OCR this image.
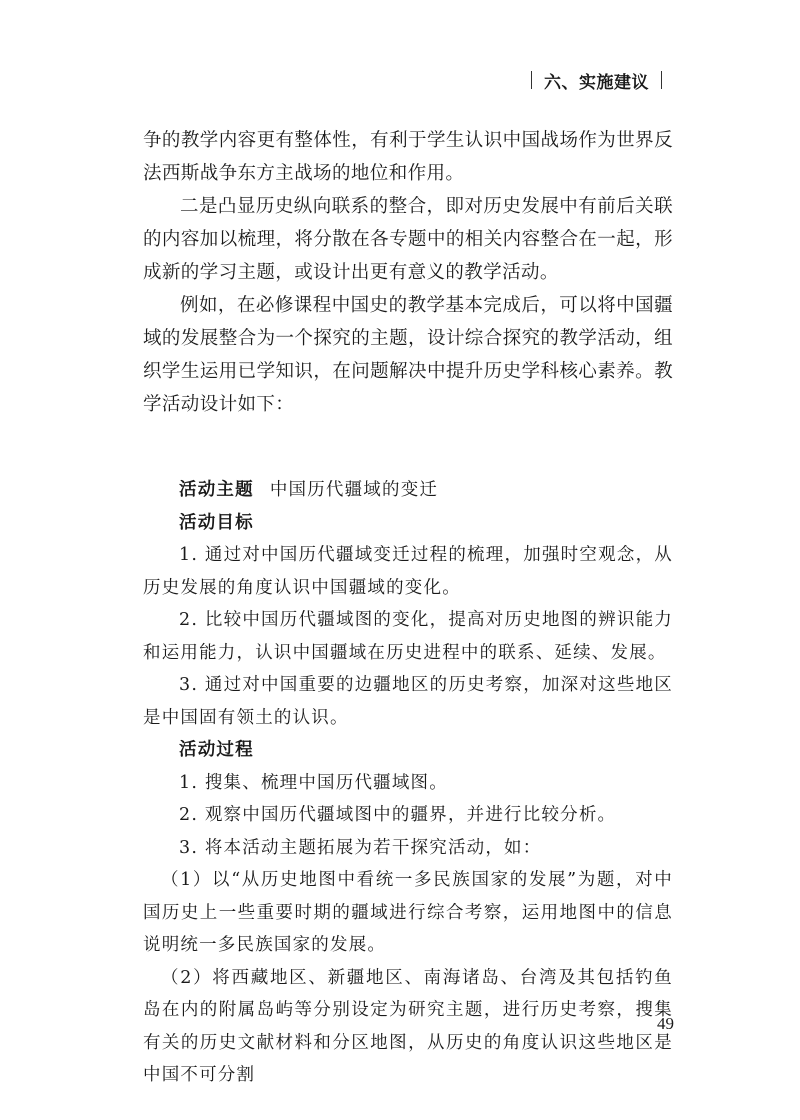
六、实施建议

争的教学内容更有整体性，有利于学生认识中国战场作为世界反法西斯战争东方主战场的地位和作用。

二是凸显历史纵向联系的整合，即对历史发展中有前后关联的内容加以梳理，将分散在各专题中的相关内容整合在一起，形成新的学习主题，或设计出更有意义的教学活动。

例如，在必修课程中国史的教学基本完成后，可以将中国疆域的发展整合为一个探究的主题，设计综合探究的教学活动，组织学生运用已学知识，在问题解决中提升历史学科核心素养。教学活动设计如下：

活动主题 中国历代疆域的变迁

活动目标

1. 通过对中国历代疆域变迁过程的梳理，加强时空观念，从历史发展的角度认识中国疆域的变化。

2. 比较中国历代疆域图的变化，提高对历史地图的辨识能力和运用能力，认识中国疆域在历史进程中的联系、延续、发展。

3. 通过对中国重要的边疆地区的历史考察，加深对这些地区是中国固有领土的认识。

活动过程

1. 搜集、梳理中国历代疆域图。

2. 观察中国历代疆域图中的疆界，并进行比较分析。

3. 将本活动主题拓展为若干探究活动，如：

（1）以“从历史地图中看统一多民族国家的发展”为题，对中国历史上一些重要时期的疆域进行综合考察，运用地图中的信息说明统一多民族国家的发展。

（2）将西藏地区、新疆地区、南海诸岛、台湾及其包括钓鱼岛在内的附属岛屿等分别设定为研究主题，进行历史考察，搜集有关的历史文献材料和分区地图，从历史的角度认识这些地区是中国不可分割

49
